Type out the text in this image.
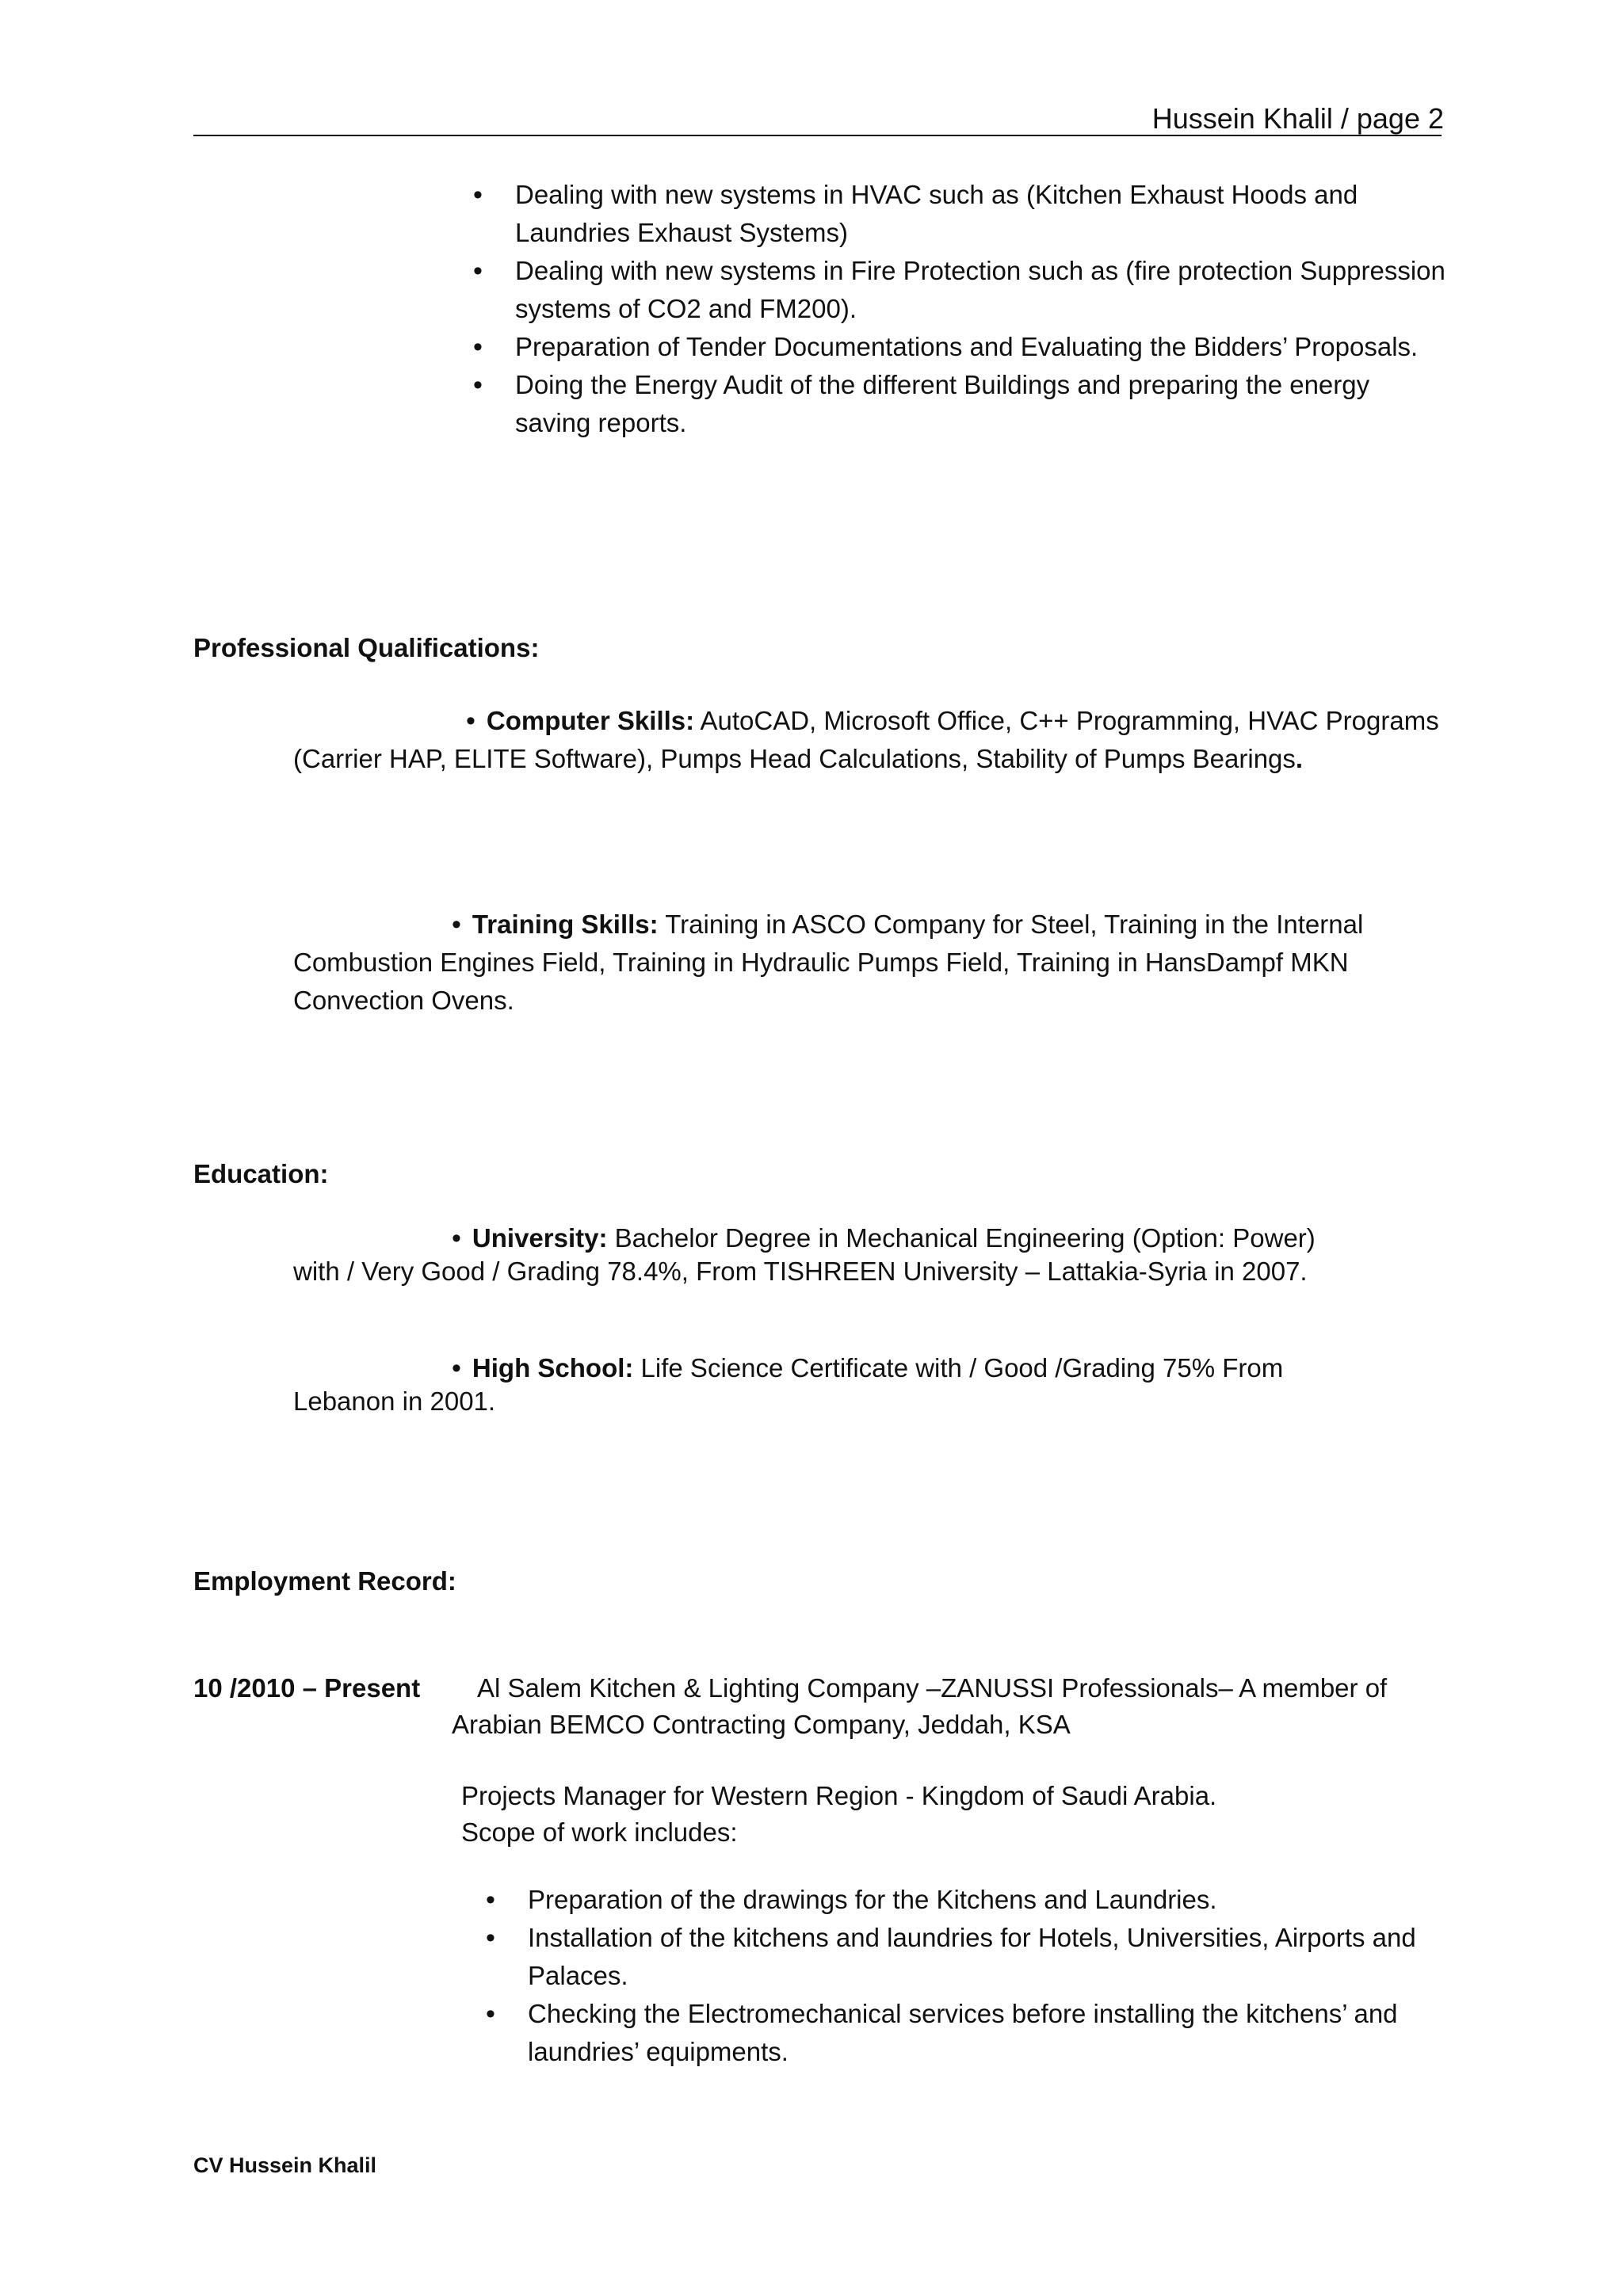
Hussein Khalil / page 2
• Dealing with new systems in HVAC such as (Kitchen Exhaust Hoods and Laundries Exhaust Systems)
• Dealing with new systems in Fire Protection such as (fire protection Suppression systems of CO2 and FM200).
• Preparation of Tender Documentations and Evaluating the Bidders’ Proposals.
• Doing the Energy Audit of the different Buildings and preparing the energy saving reports.
Professional Qualifications:
• Computer Skills: AutoCAD, Microsoft Office, C++ Programming, HVAC Programs (Carrier HAP, ELITE Software), Pumps Head Calculations, Stability of Pumps Bearings.
• Training Skills: Training in ASCO Company for Steel, Training in the Internal Combustion Engines Field, Training in Hydraulic Pumps Field, Training in HansDampf MKN Convection Ovens.
Education:
• University: Bachelor Degree in Mechanical Engineering (Option: Power) with / Very Good / Grading 78.4%, From TISHREEN University – Lattakia-Syria in 2007.
• High School: Life Science Certificate with / Good /Grading 75% From Lebanon in 2001.
Employment Record:
10 /2010 – Present	Al Salem Kitchen & Lighting Company –ZANUSSI Professionals– A member of
Arabian BEMCO Contracting Company, Jeddah, KSA
Projects Manager for Western Region - Kingdom of Saudi Arabia.
Scope of work includes:
• Preparation of the drawings for the Kitchens and Laundries.
• Installation of the kitchens and laundries for Hotels, Universities, Airports and Palaces.
• Checking the Electromechanical services before installing the kitchens’ and laundries’ equipments.
CV Hussein Khalil
